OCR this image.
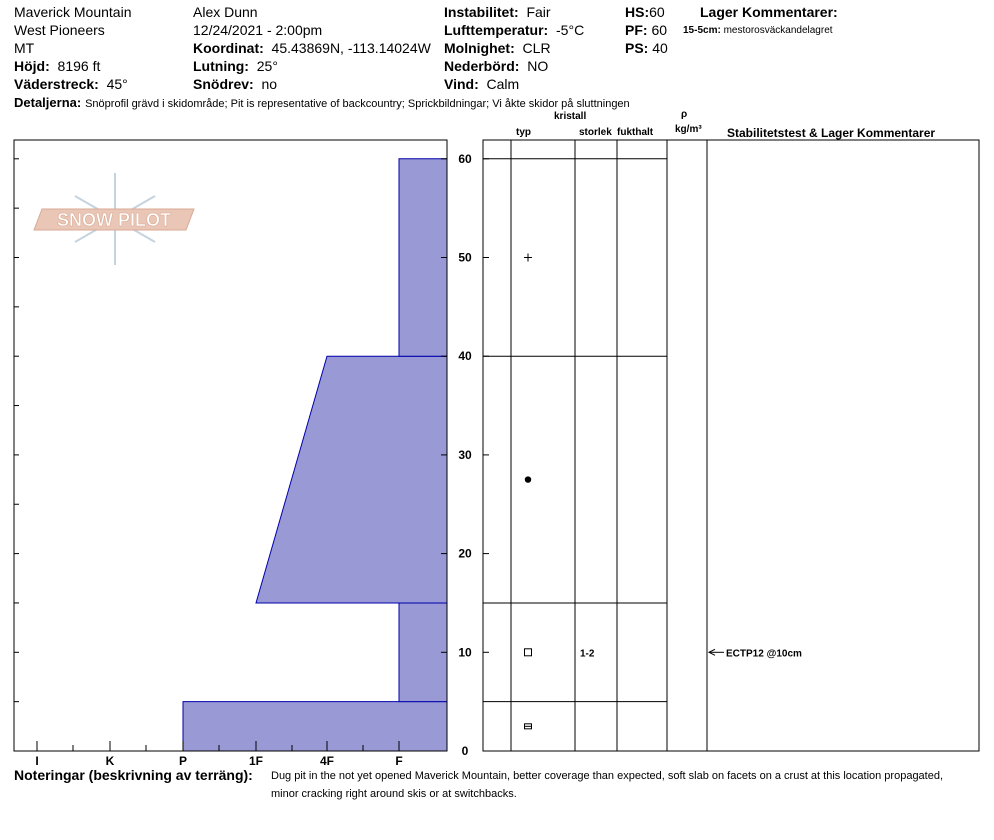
Maverick Mountain
West Pioneers
MT
Höjd: 8196 ft
Väderstreck: 45°
Alex Dunn
12/24/2021 - 2:00pm
Koordinat: 45.43869N, -113.14024W
Lutning: 25°
Snödrev: no
Instabilitet: Fair
Lufttemperatur: -5°C
Molnighet: CLR
Nederbörd: NO
Vind: Calm
HS:60
PF: 60
PS: 40
Lager Kommentarer:
15-5cm: mestorosväckandelagret
Detaljerna: Snöprofil grävd i skidområde; Pit is representative of backcountry; Sprickbildningar; Vi åkte skidor på sluttningen
typ
kristall
storlek fukthalt
ρ
kg/m³ Stabilitetstest & Lager Kommentarer
SNOW PILOT
I	K	P	1F	4F	F
0
10
20
30
40
50
60
1-2	ECTP12 @10cm
Noteringar (beskrivning av terräng): Dug pit in the not yet opened Maverick Mountain, better coverage than expected, soft slab on facets on a crust at this location propagated,
minor cracking right around skis or at switchbacks.
